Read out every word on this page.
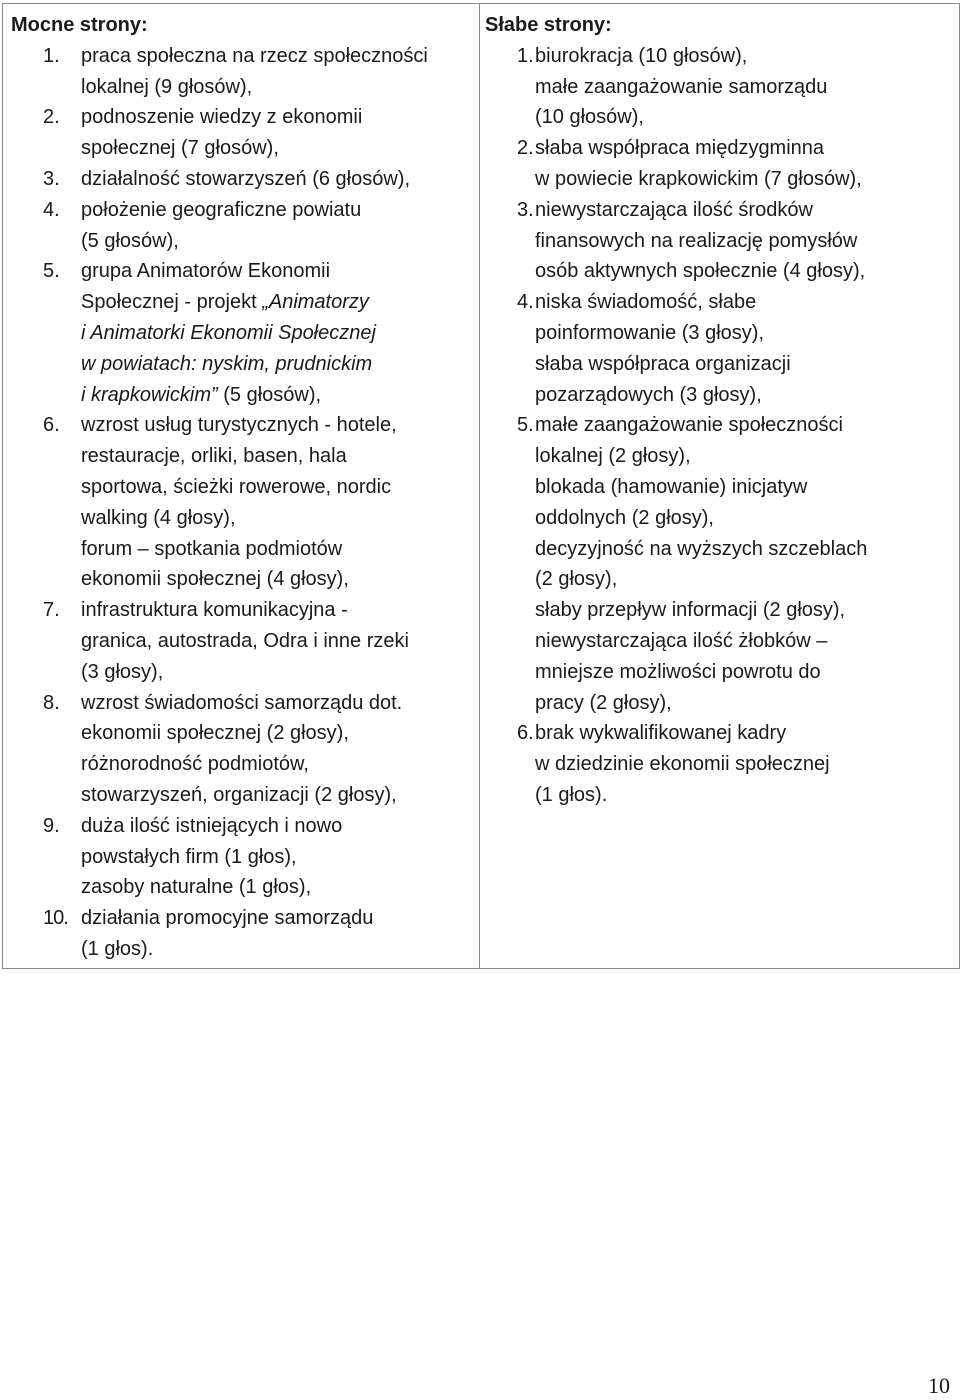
Mocne strony:
1.	praca społeczna na rzecz społeczności
lokalnej (9 głosów),
2.	podnoszenie wiedzy z ekonomii
społecznej (7 głosów),
3.	działalność stowarzyszeń (6 głosów),
4.	położenie geograficzne powiatu
(5 głosów),
5.	grupa Animatorów Ekonomii
Społecznej - projekt „Animatorzy
i Animatorki Ekonomii Społecznej
w powiatach: nyskim, prudnickim
i krapkowickim” (5 głosów),
6.	wzrost usług turystycznych - hotele,
restauracje, orliki, basen, hala
sportowa, ścieżki rowerowe, nordic
walking (4 głosy),
forum – spotkania podmiotów
ekonomii społecznej (4 głosy),
7.	infrastruktura komunikacyjna -
granica, autostrada, Odra i inne rzeki
(3 głosy),
8.	wzrost świadomości samorządu dot.
ekonomii społecznej (2 głosy),
różnorodność podmiotów,
stowarzyszeń, organizacji (2 głosy),
9.	duża ilość istniejących i nowo
powstałych firm (1 głos),
zasoby naturalne (1 głos),
10. działania promocyjne samorządu
(1 głos).

Słabe strony:
1. biurokracja (10 głosów),
małe zaangażowanie samorządu
(10 głosów),
2. słaba współpraca międzygminna
w powiecie krapkowickim (7 głosów),
3. niewystarczająca ilość środków
finansowych na realizację pomysłów
osób aktywnych społecznie (4 głosy),
4. niska świadomość, słabe
poinformowanie (3 głosy),
słaba współpraca organizacji
pozarządowych (3 głosy),
5. małe zaangażowanie społeczności
lokalnej (2 głosy),
blokada (hamowanie) inicjatyw
oddolnych (2 głosy),
decyzyjność na wyższych szczeblach
(2 głosy),
słaby przepływ informacji (2 głosy),
niewystarczająca ilość żłobków –
mniejsze możliwości powrotu do
pracy (2 głosy),
6. brak wykwalifikowanej kadry
w dziedzinie ekonomii społecznej
(1 głos).
10
